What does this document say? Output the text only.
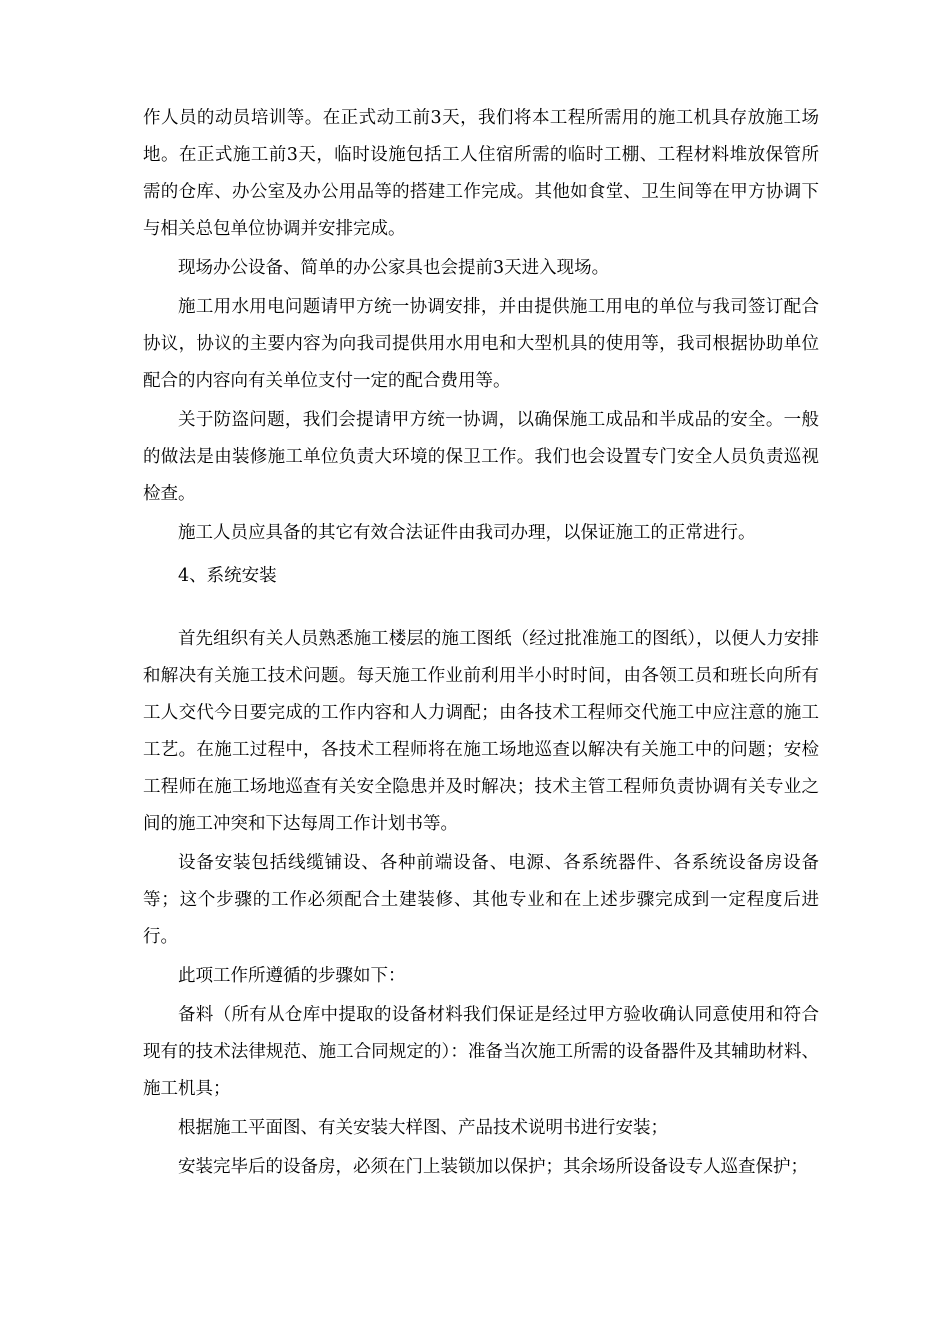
作人员的动员培训等。在正式动工前3天，我们将本工程所需用的施工机具存放施工场地。在正式施工前3天，临时设施包括工人住宿所需的临时工棚、工程材料堆放保管所需的仓库、办公室及办公用品等的搭建工作完成。其他如食堂、卫生间等在甲方协调下与相关总包单位协调并安排完成。

现场办公设备、简单的办公家具也会提前3天进入现场。

施工用水用电问题请甲方统一协调安排，并由提供施工用电的单位与我司签订配合协议，协议的主要内容为向我司提供用水用电和大型机具的使用等，我司根据协助单位配合的内容向有关单位支付一定的配合费用等。

关于防盗问题，我们会提请甲方统一协调，以确保施工成品和半成品的安全。一般的做法是由装修施工单位负责大环境的保卫工作。我们也会设置专门安全人员负责巡视检查。

施工人员应具备的其它有效合法证件由我司办理，以保证施工的正常进行。

4、系统安装

首先组织有关人员熟悉施工楼层的施工图纸（经过批准施工的图纸），以便人力安排和解决有关施工技术问题。每天施工作业前利用半小时时间，由各领工员和班长向所有工人交代今日要完成的工作内容和人力调配；由各技术工程师交代施工中应注意的施工工艺。在施工过程中，各技术工程师将在施工场地巡查以解决有关施工中的问题；安检工程师在施工场地巡查有关安全隐患并及时解决；技术主管工程师负责协调有关专业之间的施工冲突和下达每周工作计划书等。

设备安装包括线缆铺设、各种前端设备、电源、各系统器件、各系统设备房设备等；这个步骤的工作必须配合土建装修、其他专业和在上述步骤完成到一定程度后进行。

此项工作所遵循的步骤如下：

备料（所有从仓库中提取的设备材料我们保证是经过甲方验收确认同意使用和符合现有的技术法律规范、施工合同规定的）：准备当次施工所需的设备器件及其辅助材料、施工机具；

根据施工平面图、有关安装大样图、产品技术说明书进行安装；

安装完毕后的设备房，必须在门上装锁加以保护；其余场所设备设专人巡查保护；
